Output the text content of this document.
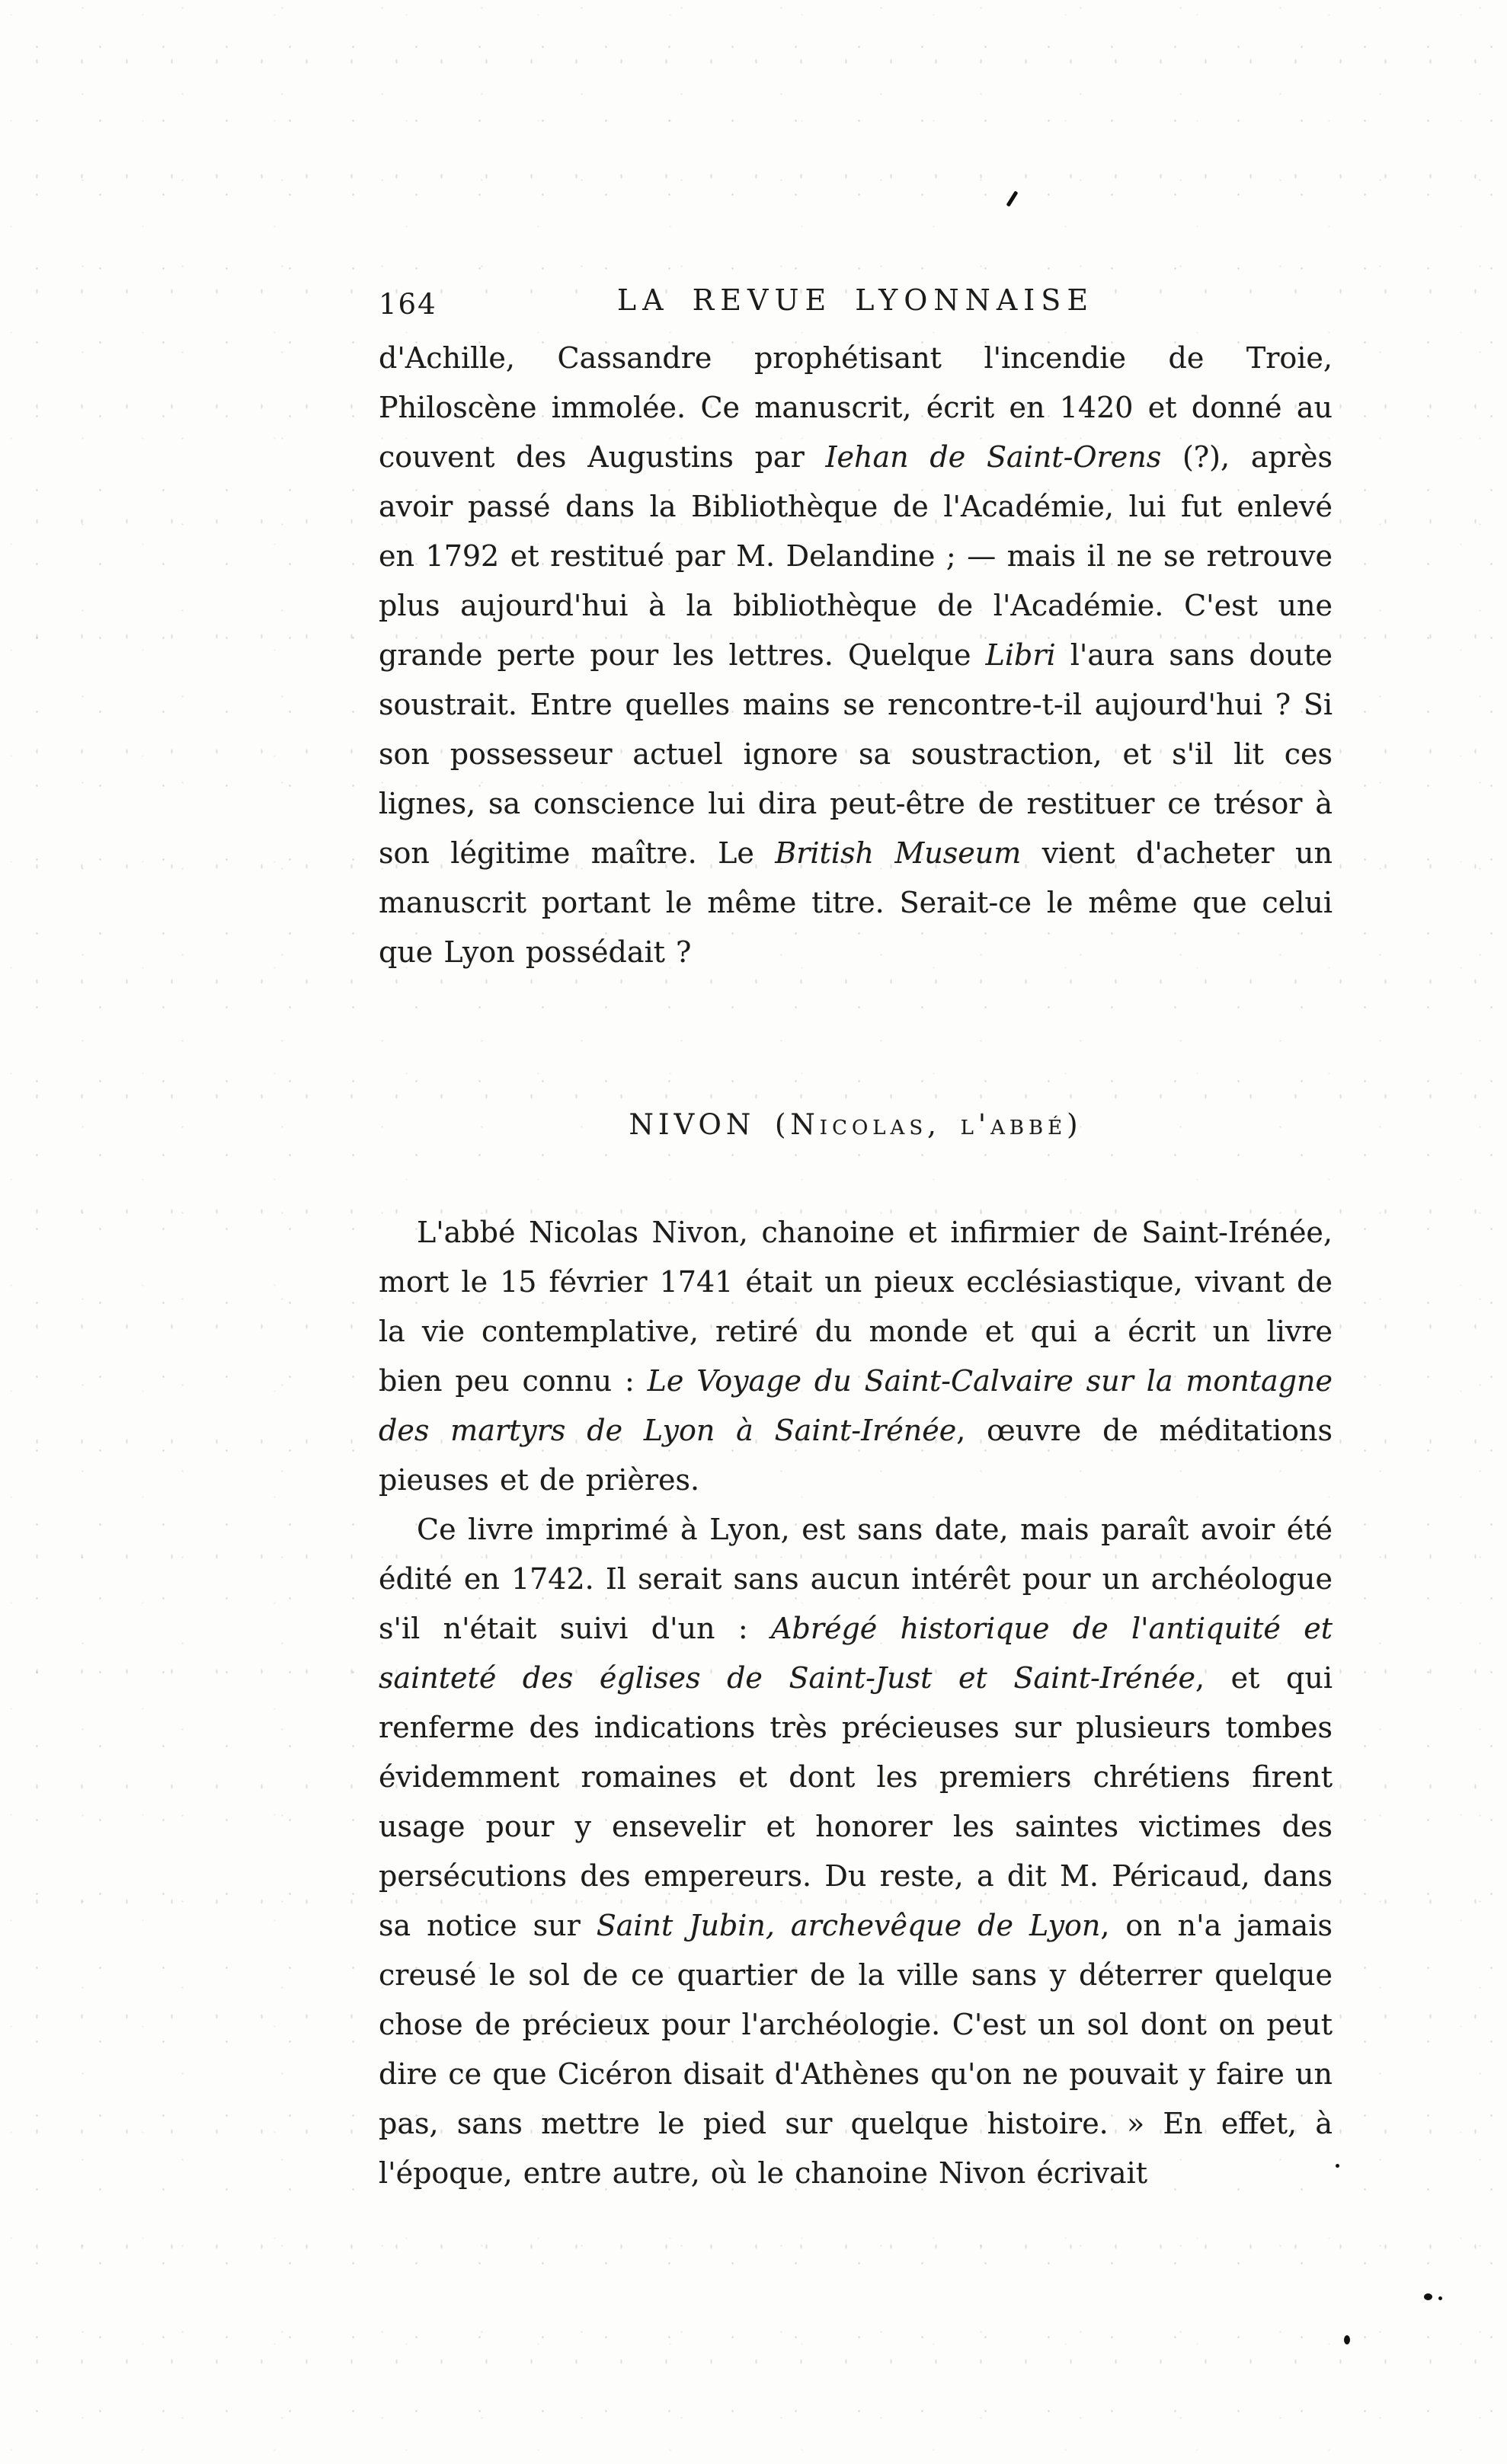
164	LA REVUE LYONNAISE

d'Achille, Cassandre prophétisant l'incendie de Troie, Philoscène immolée. Ce manuscrit, écrit en 1420 et donné au couvent des Augustins par Iehan de Saint-Orens (?), après avoir passé dans la Bibliothèque de l'Académie, lui fut enlevé en 1792 et restitué par M. Delandine ; — mais il ne se retrouve plus aujourd'hui à la bibliothèque de l'Académie. C'est une grande perte pour les lettres. Quelque Libri l'aura sans doute soustrait. Entre quelles mains se rencontre-t-il aujourd'hui ? Si son possesseur actuel ignore sa soustraction, et s'il lit ces lignes, sa conscience lui dira peut-être de restituer ce trésor à son légitime maître. Le British Museum vient d'acheter un manuscrit portant le même titre. Serait-ce le même que celui que Lyon possédait ?

NIVON (Nicolas, l'abbé)

L'abbé Nicolas Nivon, chanoine et infirmier de Saint-Irénée, mort le 15 février 1741 était un pieux ecclésiastique, vivant de la vie contemplative, retiré du monde et qui a écrit un livre bien peu connu : Le Voyage du Saint-Calvaire sur la montagne des martyrs de Lyon à Saint-Irénée, œuvre de méditations pieuses et de prières.

Ce livre imprimé à Lyon, est sans date, mais paraît avoir été édité en 1742. Il serait sans aucun intérêt pour un archéologue s'il n'était suivi d'un : Abrégé historique de l'antiquité et sainteté des églises de Saint-Just et Saint-Irénée, et qui renferme des indications très précieuses sur plusieurs tombes évidemment romaines et dont les premiers chrétiens firent usage pour y ensevelir et honorer les saintes victimes des persécutions des empereurs. Du reste, a dit M. Péricaud, dans sa notice sur Saint Jubin, archevêque de Lyon, on n'a jamais creusé le sol de ce quartier de la ville sans y déterrer quelque chose de précieux pour l'archéologie. C'est un sol dont on peut dire ce que Cicéron disait d'Athènes qu'on ne pouvait y faire un pas, sans mettre le pied sur quelque histoire. » En effet, à l'époque, entre autre, où le chanoine Nivon écrivait
